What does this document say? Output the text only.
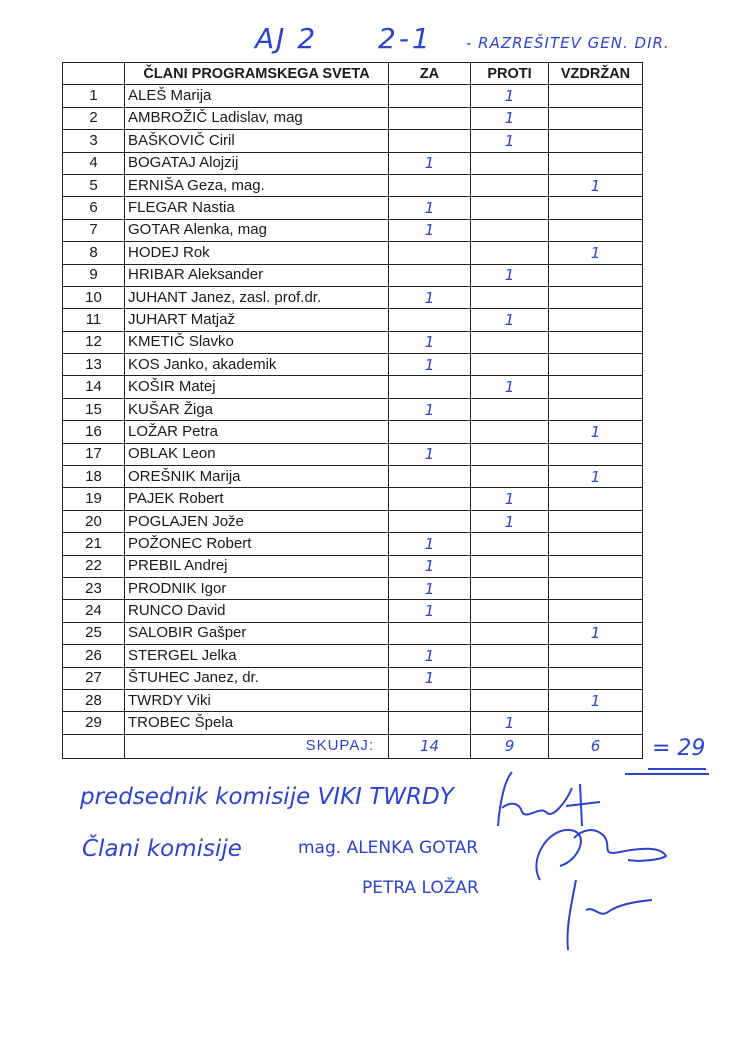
AJ 2 2-1 - RAZREŠITEV GEN. DIR.
	ČLANI PROGRAMSKEGA SVETA	ZA	PROTI	VZDRŽAN
1	ALEŠ Marija		1	
2	AMBROŽIČ Ladislav, mag		1	
3	BAŠKOVIČ Ciril		1	
4	BOGATAJ Alojzij	1		
5	ERNIŠA Geza, mag.			1
6	FLEGAR Nastia	1		
7	GOTAR Alenka, mag	1		
8	HODEJ Rok			1
9	HRIBAR Aleksander		1	
10	JUHANT Janez, zasl. prof.dr.	1		
11	JUHART Matjaž		1	
12	KMETIČ Slavko	1		
13	KOS Janko, akademik	1		
14	KOŠIR Matej		1	
15	KUŠAR Žiga	1		
16	LOŽAR Petra			1
17	OBLAK Leon	1		
18	OREŠNIK Marija			1
19	PAJEK Robert		1	
20	POGLAJEN Jože		1	
21	POŽONEC Robert	1		
22	PREBIL Andrej	1		
23	PRODNIK Igor	1		
24	RUNCO David	1		
25	SALOBIR Gašper			1
26	STERGEL Jelka	1		
27	ŠTUHEC Janez, dr.	1		
28	TWRDY Viki			1
29	TROBEC Špela		1	
	SKUPAJ:	14	9	6 = 29
predsednik komisije VIKI TWRDY
Člani komisije	mag. ALENKA GOTAR
PETRA LOŽAR
